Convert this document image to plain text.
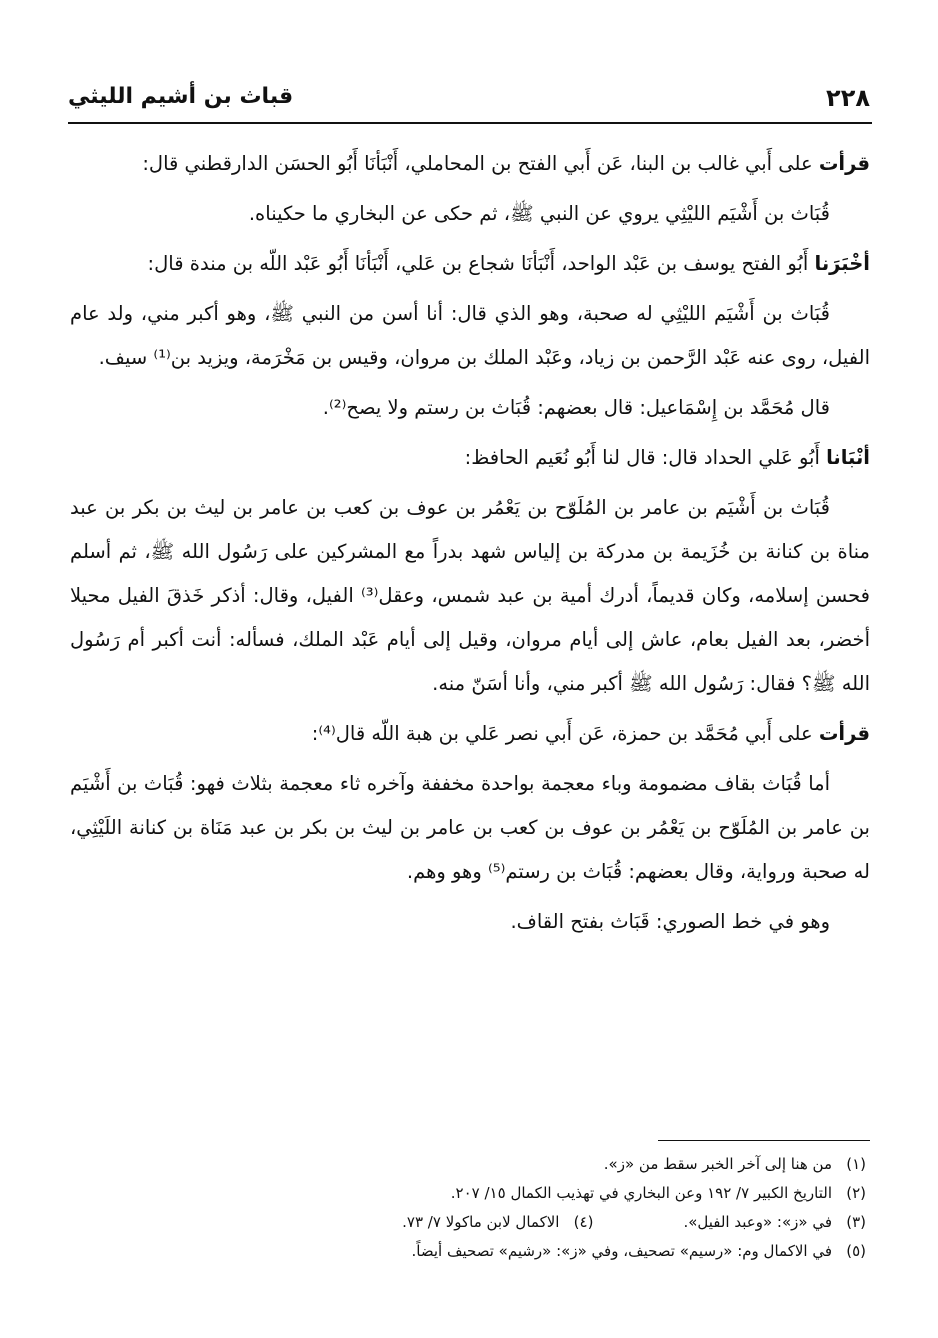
٢٢٨
قباث بن أشيم الليثي

قرأت على أَبي غالب بن البنا، عَن أَبي الفتح بن المحاملي، أَنْبَأنَا أَبُو الحسَن الدارقطني قال:

قُبَاث بن أَشْيَم الليْثِي يروي عن النبي ﷺ، ثم حكى عن البخاري ما حكيناه.

أخْبَرَنا أَبُو الفتح يوسف بن عَبْد الواحد، أَنْبَأنَا شجاع بن عَلي، أَنْبَأنَا أَبُو عَبْد اللّه بن مندة قال:

قُبَاث بن أَشْيَم الليْثِي له صحبة، وهو الذي قال: أنا أسن من النبي ﷺ، وهو أكبر مني، ولد عام الفيل، روى عنه عَبْد الرَّحمن بن زياد، وعَبْد الملك بن مروان، وقيس بن مَخْرَمة، ويزيد بن⁽¹⁾ سيف.

قال مُحَمَّد بن إِسْمَاعيل: قال بعضهم: قُبَاث بن رستم ولا يصح⁽²⁾.

أنْبَانا أَبُو عَلي الحداد قال: قال لنا أَبُو نُعَيم الحافظ:

قُبَاث بن أَشْيَم بن عامر بن المُلَوّح بن يَعْمُر بن عوف بن كعب بن عامر بن ليث بن بكر بن عبد مناة بن كنانة بن خُزَيمة بن مدركة بن إلياس شهد بدراً مع المشركين على رَسُول الله ﷺ، ثم أسلم فحسن إسلامه، وكان قديماً، أدرك أمية بن عبد شمس، وعقل⁽³⁾ الفيل، وقال: أذكر خَذقَ الفيل محيلا أخضر، بعد الفيل بعام، عاش إلى أيام مروان، وقيل إلى أيام عَبْد الملك، فسأله: أنت أكبر أم رَسُول الله ﷺ؟ فقال: رَسُول الله ﷺ أكبر مني، وأنا أسَنّ منه.

قرأت على أَبي مُحَمَّد بن حمزة، عَن أَبي نصر عَلي بن هبة اللّه قال⁽⁴⁾:

أما قُبَاث بقاف مضمومة وباء معجمة بواحدة مخففة وآخره ثاء معجمة بثلاث فهو: قُبَاث بن أَشْيَم بن عامر بن المُلَوّح بن يَعْمُر بن عوف بن كعب بن عامر بن ليث بن بكر بن عبد مَنَاة بن كنانة اللَيْثِي، له صحبة ورواية، وقال بعضهم: قُبَاث بن رستم⁽⁵⁾ وهو وهم.

وهو في خط الصوري: قَبَاث بفتح القاف.

(١)من هنا إلى آخر الخبر سقط من «ز».

(٢)التاريخ الكبير ٧/ ١٩٢ وعن البخاري في تهذيب الكمال ١٥/ ٢٠٧.

(٣)في «ز»: «وعبد الفيل».(٤)الاكمال لابن ماكولا ٧/ ٧٣.

(٥)في الاكمال وم: «رسيم» تصحيف، وفي «ز»: «رشيم» تصحيف أيضاً.
